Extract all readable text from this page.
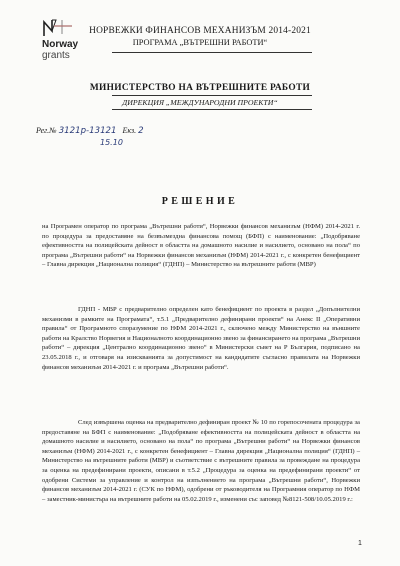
Norway
grants
НОРВЕЖКИ ФИНАНСОВ МЕХАНИЗЪМ 2014-2021
ПРОГРАМА „ВЪТРЕШНИ РАБОТИ“
МИНИСТЕРСТВО НА ВЪТРЕШНИТЕ РАБОТИ
ДИРЕКЦИЯ „МЕЖДУНАРОДНИ ПРОЕКТИ“
Рег.№ 3121р-13121 Екз. 2
15.10
РЕШЕНИЕ
на Програмен оператор по програма „Вътрешни работи“, Норвежки финансов механизъм (НФМ) 2014-2021 г. по процедура за предоставяне на безвъзмездна финансова помощ (БФП) с наименование: „Подобряване ефективността на полицейската дейност в областта на домашното насилие и насилието, основано на пола“ по програма „Вътрешни работи“ на Норвежки финансов механизъм (НФМ) 2014-2021 г., с конкретен бенефициент – Главна дирекция „Национална полиция“ (ГДНП) – Министерство на вътрешните работи (МВР)
ГДНП - МВР с предварително определен като бенефициент по проекта в раздел „Допълнителни механизми в рамките на Програмата“, т.5.1 „Предварително дефинирани проекти“ на Анекс II „Оперативни правила“ от Програмното споразумение по НФМ 2014-2021 г., сключено между Министерство на външните работи на Кралство Норвегия и Националното координационно звено за финансирането на програма „Вътрешни работи“ – дирекция „Централно координационно звено“ в Министерски съвет на Р България, подписано на 23.05.2018 г., и отговаря на изискванията за допустимост на кандидатите съгласно правилата на Норвежки финансов механизъм 2014-2021 г. и програма „Вътрешни работи“.
След извършена оценка на предварително дефиниран проект № 10 по горепосочената процедура за предоставяне на БФП с наименование: „Подобряване ефективността на полицейската дейност в областта на домашното насилие и насилието, основано на пола“ по програма „Вътрешни работи“ на Норвежки финансов механизъм (НФМ) 2014-2021 г., с конкретен бенефициент – Главна дирекция „Национална полиция“ (ГДНП) – Министерство на вътрешните работи (МВР) и съответствие с вътрешните правила за провеждане на процедура за оценка на предефинирани проекти, описани в т.5.2 „Процедура за оценка на предефинирани проекти“ от одобрени Системи за управление и контрол на изпълнението на програма „Вътрешни работи“, Норвежки финансов механизъм 2014-2021 г. (СУК по НФМ), одобрени от ръководителя на Програмния оператор по НФМ – заместник-министъра на вътрешните работи на 05.02.2019 г., изменени със заповед №8121-508/10.05.2019 г.:
1
